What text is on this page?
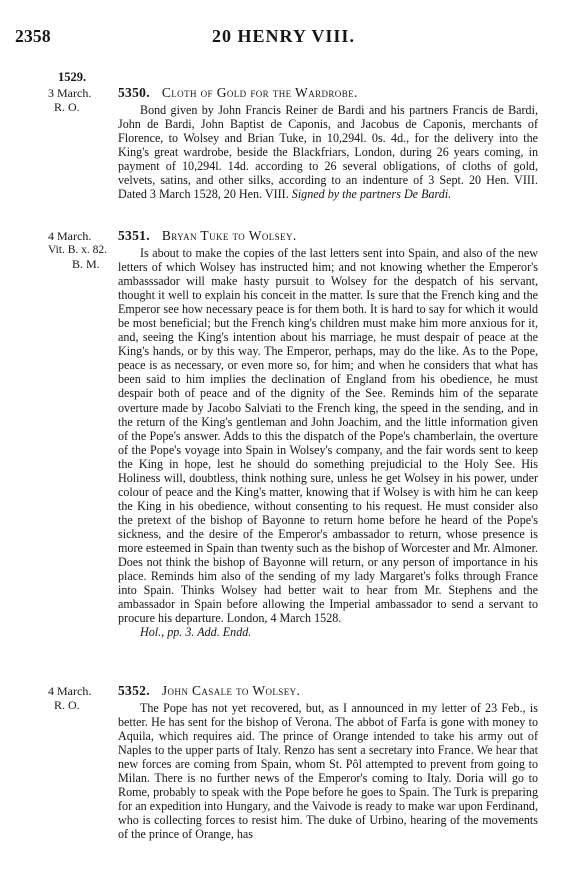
2358	20 HENRY VIII.
1529.
3 March.
R. O.
5350. Cloth of Gold for the Wardrobe.

Bond given by John Francis Reiner de Bardi and his partners Francis de Bardi, John de Bardi, John Baptist de Caponis, and Jacobus de Caponis, merchants of Florence, to Wolsey and Brian Tuke, in 10,294l. 0s. 4d., for the delivery into the King's great wardrobe, beside the Blackfriars, London, during 26 years coming, in payment of 10,294l. 14d. according to 26 several obligations, of cloths of gold, velvets, satins, and other silks, according to an indenture of 3 Sept. 20 Hen. VIII. Dated 3 March 1528, 20 Hen. VIII. Signed by the partners De Bardi.

4 March.
Vit. B. x. 82.
B. M.
5351. Bryan Tuke to Wolsey.

Is about to make the copies of the last letters sent into Spain, and also of the new letters of which Wolsey has instructed him; and not knowing whether the Emperor's ambasssador will make hasty pursuit to Wolsey for the despatch of his servant, thought it well to explain his conceit in the matter. Is sure that the French king and the Emperor see how necessary peace is for them both. It is hard to say for which it would be most beneficial; but the French king's children must make him more anxious for it, and, seeing the King's intention about his marriage, he must despair of peace at the King's hands, or by this way. The Emperor, perhaps, may do the like. As to the Pope, peace is as necessary, or even more so, for him; and when he considers that what has been said to him implies the declination of England from his obedience, he must despair both of peace and of the dignity of the See. Reminds him of the separate overture made by Jacobo Salviati to the French king, the speed in the sending, and in the return of the King's gentleman and John Joachim, and the little information given of the Pope's answer. Adds to this the dispatch of the Pope's chamberlain, the overture of the Pope's voyage into Spain in Wolsey's company, and the fair words sent to keep the King in hope, lest he should do something prejudicial to the Holy See. His Holiness will, doubtless, think nothing sure, unless he get Wolsey in his power, under colour of peace and the King's matter, knowing that if Wolsey is with him he can keep the King in his obedience, without consenting to his request. He must consider also the pretext of the bishop of Bayonne to return home before he heard of the Pope's sickness, and the desire of the Emperor's ambassador to return, whose presence is more esteemed in Spain than twenty such as the bishop of Worcester and Mr. Almoner. Does not think the bishop of Bayonne will return, or any person of importance in his place. Reminds him also of the sending of my lady Margaret's folks through France into Spain. Thinks Wolsey had better wait to hear from Mr. Stephens and the ambassador in Spain before allowing the Imperial ambassador to send a servant to procure his departure. London, 4 March 1528.

Hol., pp. 3. Add. Endd.

4 March.
R. O.
5352. John Casale to Wolsey.

The Pope has not yet recovered, but, as I announced in my letter of 23 Feb., is better. He has sent for the bishop of Verona. The abbot of Farfa is gone with money to Aquila, which requires aid. The prince of Orange intended to take his army out of Naples to the upper parts of Italy. Renzo has sent a secretary into France. We hear that new forces are coming from Spain, whom St. Pôl attempted to prevent from going to Milan. There is no further news of the Emperor's coming to Italy. Doria will go to Rome, probably to speak with the Pope before he goes to Spain. The Turk is preparing for an expedition into Hungary, and the Vaivode is ready to make war upon Ferdinand, who is collecting forces to resist him. The duke of Urbino, hearing of the movements of the prince of Orange, has
